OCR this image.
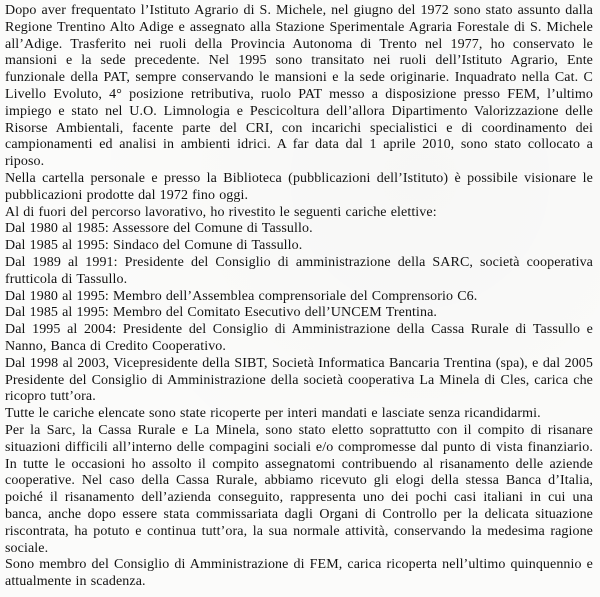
Dopo aver frequentato l’Istituto Agrario di S. Michele, nel giugno del 1972 sono stato assunto dalla Regione Trentino Alto Adige e assegnato alla Stazione Sperimentale Agraria Forestale di S. Michele all’Adige. Trasferito nei ruoli della Provincia Autonoma di Trento nel 1977, ho conservato le mansioni e la sede precedente. Nel 1995 sono transitato nei ruoli dell’Istituto Agrario, Ente funzionale della PAT, sempre conservando le mansioni e la sede originarie. Inquadrato nella Cat. C Livello Evoluto, 4° posizione retributiva, ruolo PAT messo a disposizione presso FEM, l’ultimo impiego e stato nel U.O. Limnologia e Pescicoltura dell’allora Dipartimento Valorizzazione delle Risorse Ambientali, facente parte del CRI, con incarichi specialistici e di coordinamento dei campionamenti ed analisi in ambienti idrici. A far data dal 1 aprile 2010, sono stato collocato a riposo.

Nella cartella personale e presso la Biblioteca (pubblicazioni dell’Istituto) è possibile visionare le pubblicazioni prodotte dal 1972 fino oggi.

Al di fuori del percorso lavorativo, ho rivestito le seguenti cariche elettive:

Dal 1980 al 1985: Assessore del Comune di Tassullo.

Dal 1985 al 1995: Sindaco del Comune di Tassullo.

Dal 1989 al 1991: Presidente del Consiglio di amministrazione della SARC, società cooperativa frutticola di Tassullo.

Dal 1980 al 1995: Membro dell’Assemblea comprensoriale del Comprensorio C6.

Dal 1985 al 1995: Membro del Comitato Esecutivo dell’UNCEM Trentina.

Dal 1995 al 2004: Presidente del Consiglio di Amministrazione della Cassa Rurale di Tassullo e Nanno, Banca di Credito Cooperativo.

Dal 1998 al 2003, Vicepresidente della SIBT, Società Informatica Bancaria Trentina (spa), e dal 2005 Presidente del Consiglio di Amministrazione della società cooperativa La Minela di Cles, carica che ricopro tutt’ora.

Tutte le cariche elencate sono state ricoperte per interi mandati e lasciate senza ricandidarmi.

Per la Sarc, la Cassa Rurale e La Minela, sono stato eletto soprattutto con il compito di risanare situazioni difficili all’interno delle compagini sociali e/o compromesse dal punto di vista finanziario. In tutte le occasioni ho assolto il compito assegnatomi contribuendo al risanamento delle aziende cooperative. Nel caso della Cassa Rurale, abbiamo ricevuto gli elogi della stessa Banca d’Italia, poiché il risanamento dell’azienda conseguito, rappresenta uno dei pochi casi italiani in cui una banca, anche dopo essere stata commissariata dagli Organi di Controllo per la delicata situazione riscontrata, ha potuto e continua tutt’ora, la sua normale attività, conservando la medesima ragione sociale.

Sono membro del Consiglio di Amministrazione di FEM, carica ricoperta nell’ultimo quinquennio e attualmente in scadenza.
